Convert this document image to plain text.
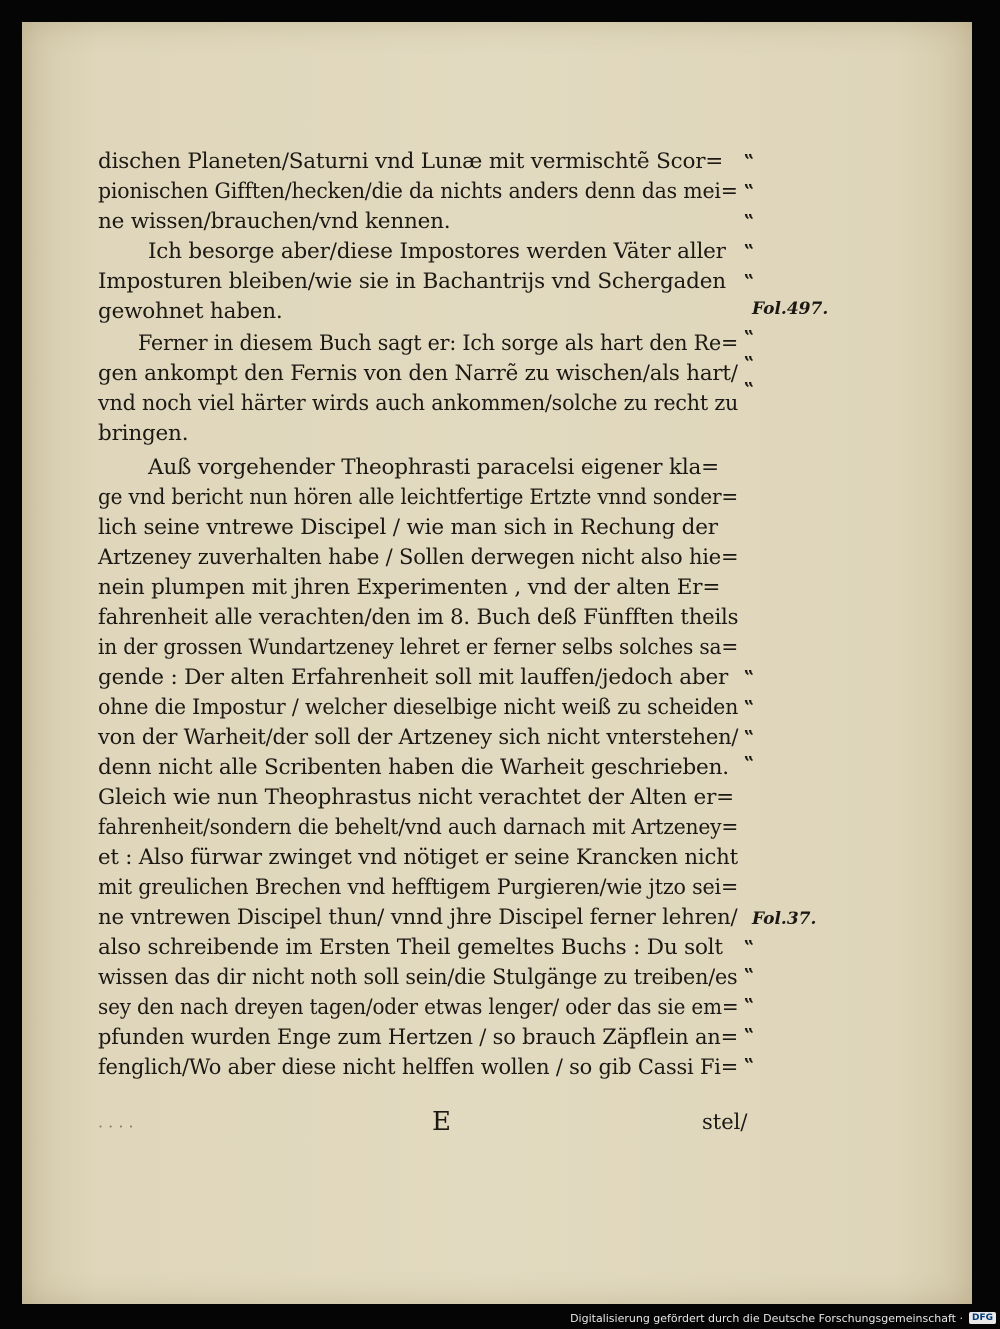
dischen Planeten/Saturni vnd Lunæ mit vermischtẽ Scor=
pionischen Gifften/hecken/die da nichts anders denn das mei=
ne wissen/brauchen/vnd kennen.
Ich besorge aber/diese Impostores werden Väter aller
Imposturen bleiben/wie sie in Bachantrijs vnd Schergaden
gewohnet haben.
Ferner in diesem Buch sagt er: Ich sorge als hart den Re=
gen ankompt den Fernis von den Narrẽ zu wischen/als hart/
vnd noch viel härter wirds auch ankommen/solche zu recht zu
bringen.
Auß vorgehender Theophrasti paracelsi eigener kla=
ge vnd bericht nun hören alle leichtfertige Ertzte vnnd sonder=
lich seine vntrewe Discipel / wie man sich in Rechung der
Artzeney zuverhalten habe / Sollen derwegen nicht also hie=
nein plumpen mit jhren Experimenten , vnd der alten Er=
fahrenheit alle verachten/den im 8. Buch deß Fünfften theils
in der grossen Wundartzeney lehret er ferner selbs solches sa=
gende : Der alten Erfahrenheit soll mit lauffen/jedoch aber
ohne die Impostur / welcher dieselbige nicht weiß zu scheiden
von der Warheit/der soll der Artzeney sich nicht vnterstehen/
denn nicht alle Scribenten haben die Warheit geschrieben.
Gleich wie nun Theophrastus nicht verachtet der Alten er=
fahrenheit/sondern die behelt/vnd auch darnach mit Artzeney=
et : Also fürwar zwinget vnd nötiget er seine Krancken nicht
mit greulichen Brechen vnd hefftigem Purgieren/wie jtzo sei=
ne vntrewen Discipel thun/ vnnd jhre Discipel ferner lehren/
also schreibende im Ersten Theil gemeltes Buchs : Du solt
wissen das dir nicht noth soll sein/die Stulgänge zu treiben/es
sey den nach dreyen tagen/oder etwas lenger/ oder das sie em=
pfunden wurden Enge zum Hertzen / so brauch Zäpflein an=
fenglich/Wo aber diese nicht helffen wollen / so gib Cassi Fi=
‟
‟
‟
‟
‟
‟
‟
‟
‟
‟
‟
‟
‟
‟
‟
‟
‟
Fol.497.
Fol.37.
· · · ·	E	stel/
Digitalisierung gefördert durch die Deutsche Forschungsgemeinschaft ·	DFG
